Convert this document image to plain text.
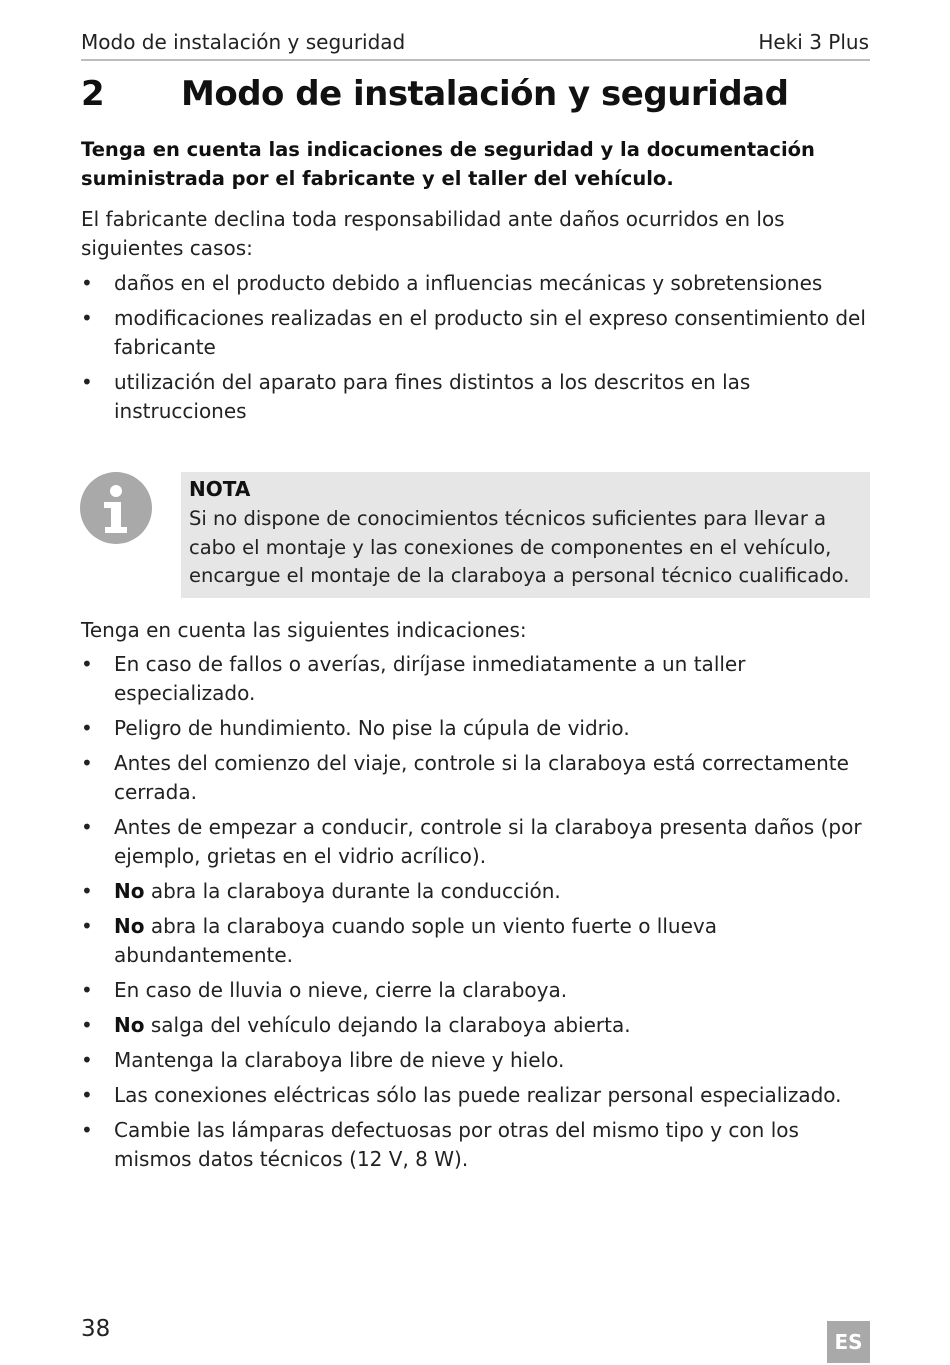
Modo de instalación y seguridad	Heki 3 Plus
2 Modo de instalación y seguridad
Tenga en cuenta las indicaciones de seguridad y la documentación suministrada por el fabricante y el taller del vehículo.
El fabricante declina toda responsabilidad ante daños ocurridos en los siguientes casos:
• daños en el producto debido a influencias mecánicas y sobretensiones
• modificaciones realizadas en el producto sin el expreso consentimiento del fabricante
• utilización del aparato para fines distintos a los descritos en las instrucciones
NOTA
Si no dispone de conocimientos técnicos suficientes para llevar a cabo el montaje y las conexiones de componentes en el vehículo, encargue el montaje de la claraboya a personal técnico cualificado.
Tenga en cuenta las siguientes indicaciones:
• En caso de fallos o averías, diríjase inmediatamente a un taller especializado.
• Peligro de hundimiento. No pise la cúpula de vidrio.
• Antes del comienzo del viaje, controle si la claraboya está correctamente cerrada.
• Antes de empezar a conducir, controle si la claraboya presenta daños (por ejemplo, grietas en el vidrio acrílico).
• No abra la claraboya durante la conducción.
• No abra la claraboya cuando sople un viento fuerte o llueva abundantemente.
• En caso de lluvia o nieve, cierre la claraboya.
• No salga del vehículo dejando la claraboya abierta.
• Mantenga la claraboya libre de nieve y hielo.
• Las conexiones eléctricas sólo las puede realizar personal especializado.
• Cambie las lámparas defectuosas por otras del mismo tipo y con los mismos datos técnicos (12 V, 8 W).
38	ES
